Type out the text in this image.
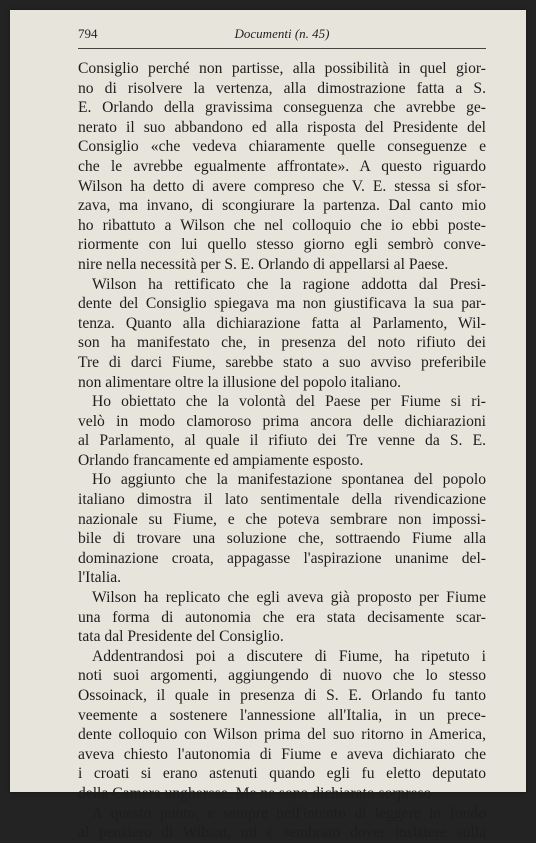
794	Documenti (n. 45)
Consiglio perché non partisse, alla possibilità in quel gior-
no di risolvere la vertenza, alla dimostrazione fatta a S.
E. Orlando della gravissima conseguenza che avrebbe ge-
nerato il suo abbandono ed alla risposta del Presidente del
Consiglio «che vedeva chiaramente quelle conseguenze e
che le avrebbe egualmente affrontate». A questo riguardo
Wilson ha detto di avere compreso che V. E. stessa si sfor-
zava, ma invano, di scongiurare la partenza. Dal canto mio
ho ribattuto a Wilson che nel colloquio che io ebbi poste-
riormente con lui quello stesso giorno egli sembrò conve-
nire nella necessità per S. E. Orlando di appellarsi al Paese.
Wilson ha rettificato che la ragione addotta dal Presi-
dente del Consiglio spiegava ma non giustificava la sua par-
tenza. Quanto alla dichiarazione fatta al Parlamento, Wil-
son ha manifestato che, in presenza del noto rifiuto dei
Tre di darci Fiume, sarebbe stato a suo avviso preferibile
non alimentare oltre la illusione del popolo italiano.
Ho obiettato che la volontà del Paese per Fiume si ri-
velò in modo clamoroso prima ancora delle dichiarazioni
al Parlamento, al quale il rifiuto dei Tre venne da S. E.
Orlando francamente ed ampiamente esposto.
Ho aggiunto che la manifestazione spontanea del popolo
italiano dimostra il lato sentimentale della rivendicazione
nazionale su Fiume, e che poteva sembrare non impossi-
bile di trovare una soluzione che, sottraendo Fiume alla
dominazione croata, appagasse l'aspirazione unanime del-
l'Italia.
Wilson ha replicato che egli aveva già proposto per Fiume
una forma di autonomia che era stata decisamente scar-
tata dal Presidente del Consiglio.
Addentrandosi poi a discutere di Fiume, ha ripetuto i
noti suoi argomenti, aggiungendo di nuovo che lo stesso
Ossoinack, il quale in presenza di S. E. Orlando fu tanto
veemente a sostenere l'annessione all'Italia, in un prece-
dente colloquio con Wilson prima del suo ritorno in America,
aveva chiesto l'autonomia di Fiume e aveva dichiarato che
i croati si erano astenuti quando egli fu eletto deputato
della Camera ungherese. Me ne sono dichiarato sorpreso.
A questo punto, e sempre nell'intento di leggere in fondo
al pensiero di Wilson, mi è sembrato dover insistere sulla
